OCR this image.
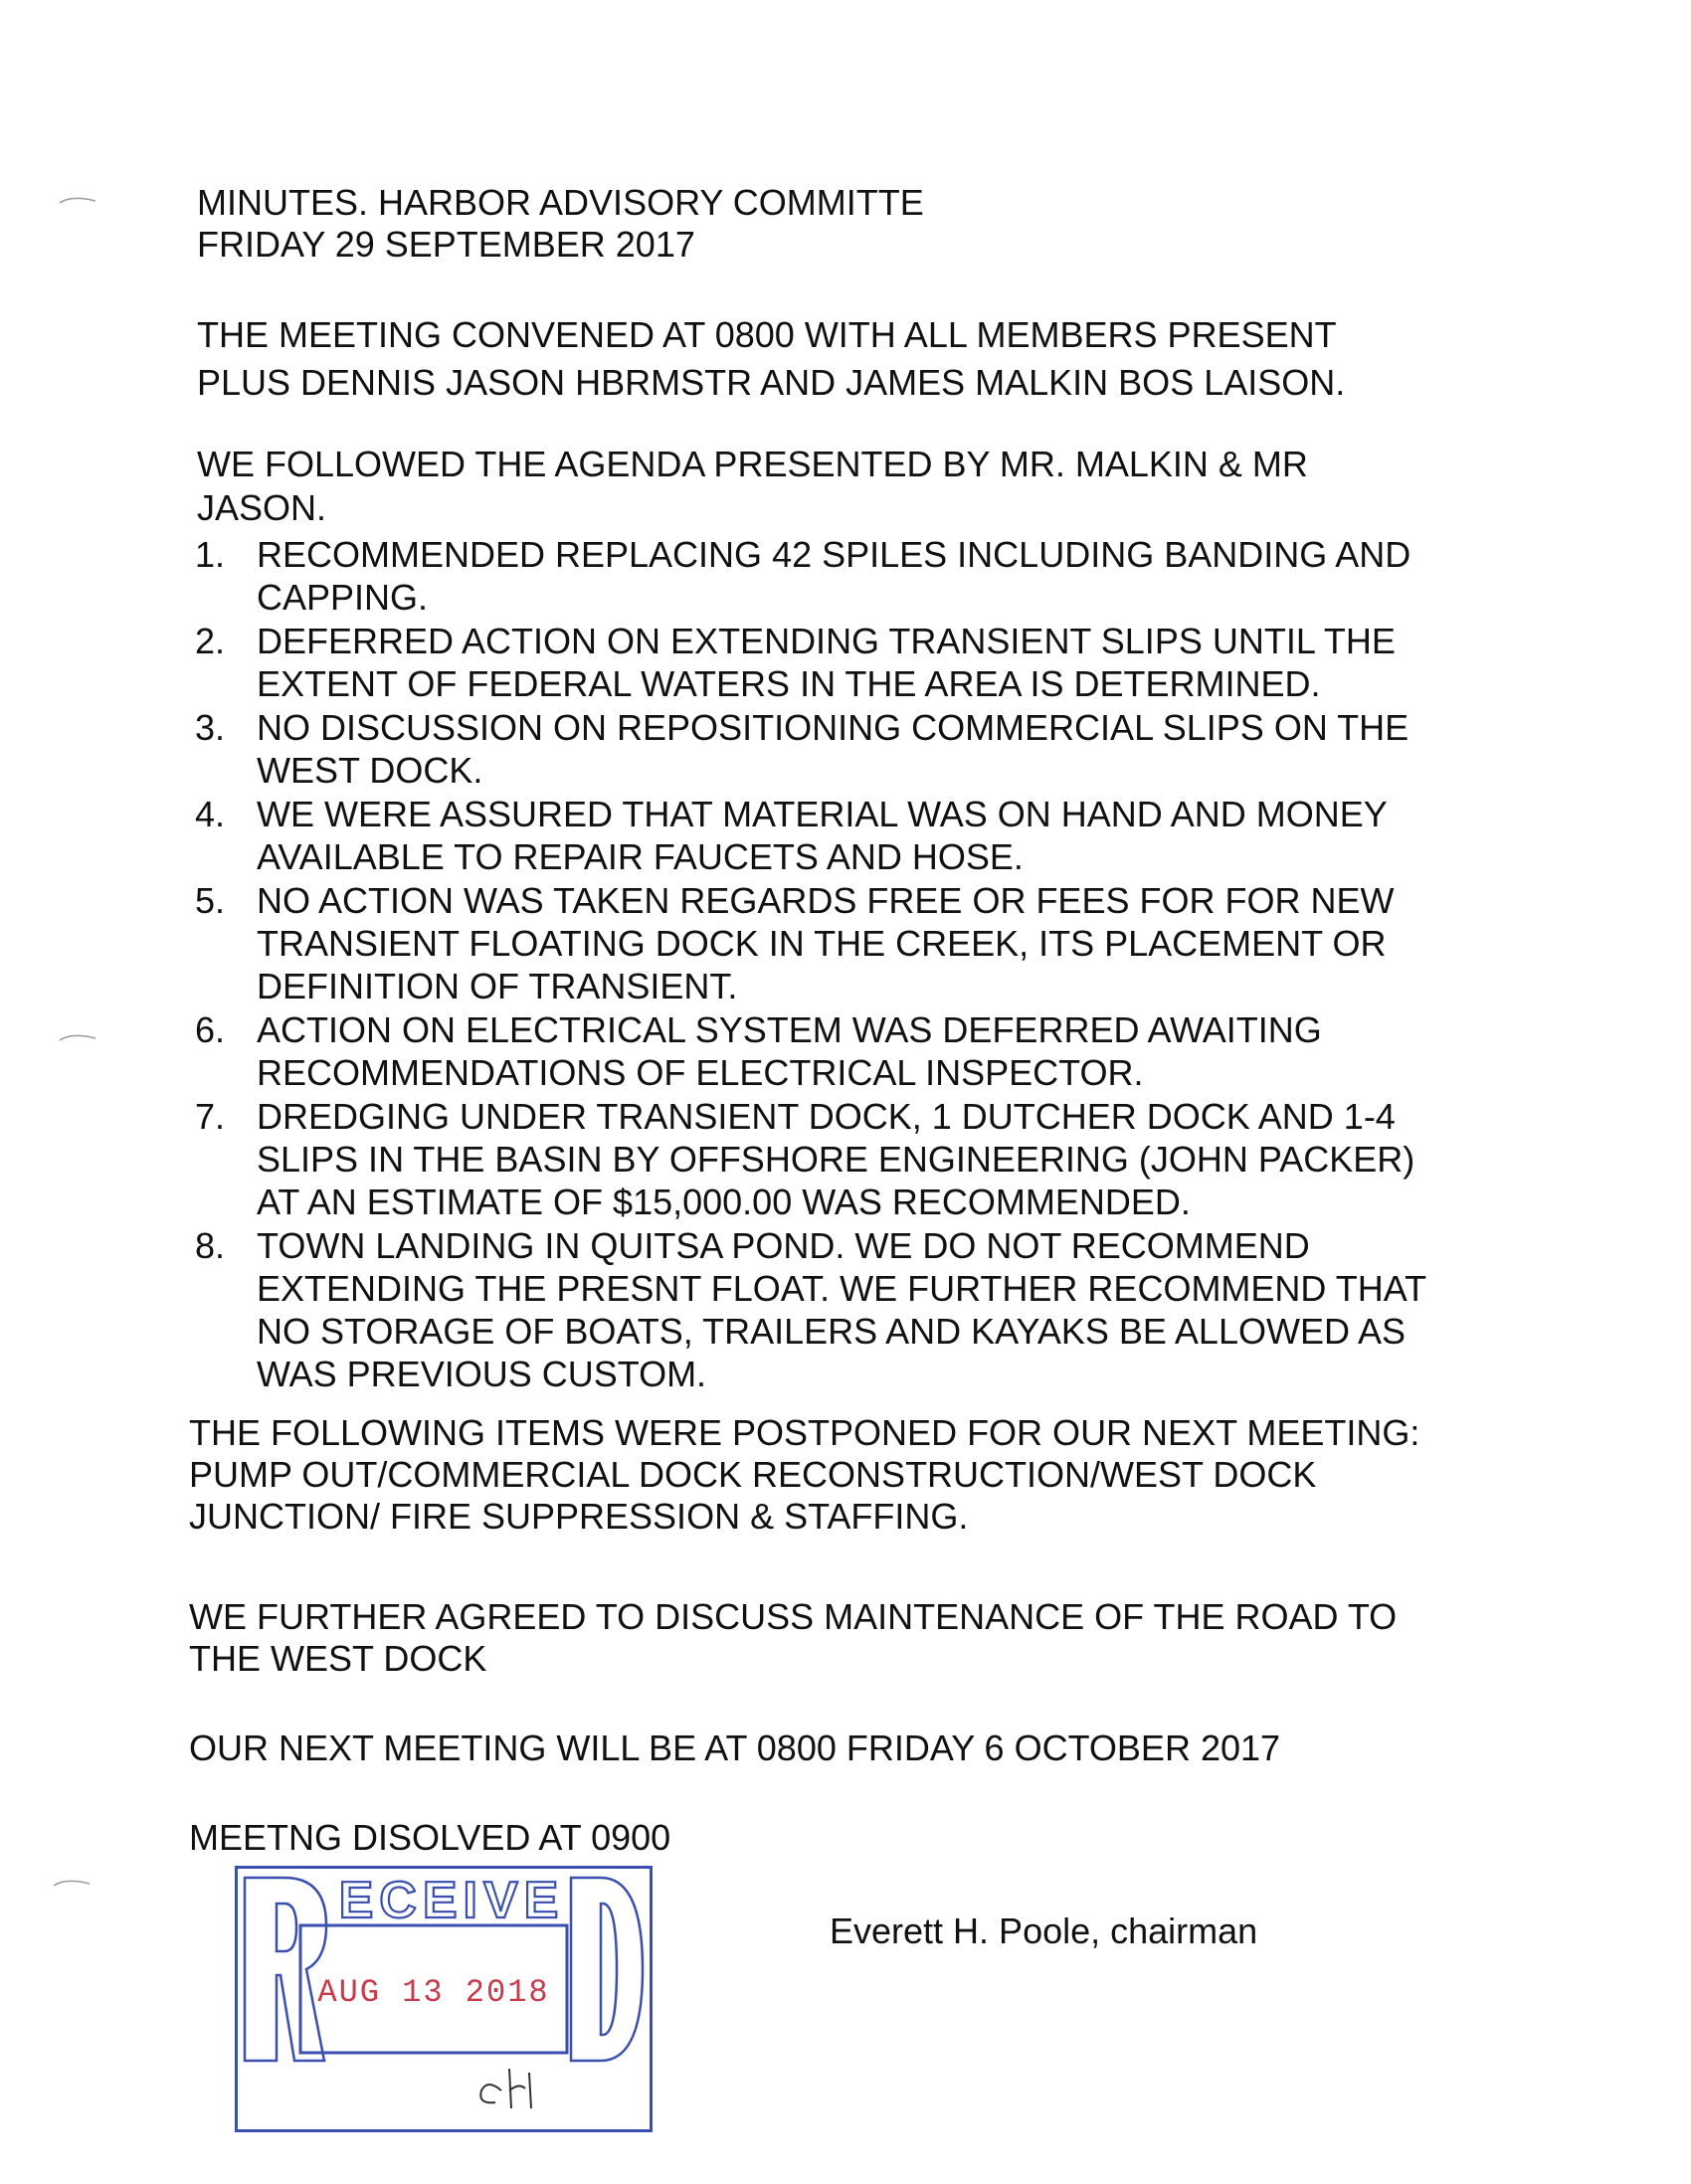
MINUTES. HARBOR ADVISORY COMMITTE
FRIDAY 29 SEPTEMBER 2017
THE MEETING CONVENED AT 0800 WITH ALL MEMBERS PRESENT
PLUS DENNIS JASON HBRMSTR AND JAMES MALKIN BOS LAISON.
WE FOLLOWED THE AGENDA PRESENTED BY MR. MALKIN & MR
JASON.
1. RECOMMENDED REPLACING 42 SPILES INCLUDING BANDING AND
CAPPING.
2. DEFERRED ACTION ON EXTENDING TRANSIENT SLIPS UNTIL THE
EXTENT OF FEDERAL WATERS IN THE AREA IS DETERMINED.
3. NO DISCUSSION ON REPOSITIONING COMMERCIAL SLIPS ON THE
WEST DOCK.
4. WE WERE ASSURED THAT MATERIAL WAS ON HAND AND MONEY
AVAILABLE TO REPAIR FAUCETS AND HOSE.
5. NO ACTION WAS TAKEN REGARDS FREE OR FEES FOR FOR NEW
TRANSIENT FLOATING DOCK IN THE CREEK, ITS PLACEMENT OR
DEFINITION OF TRANSIENT.
6. ACTION ON ELECTRICAL SYSTEM WAS DEFERRED AWAITING
RECOMMENDATIONS OF ELECTRICAL INSPECTOR.
7. DREDGING UNDER TRANSIENT DOCK, 1 DUTCHER DOCK AND 1-4
SLIPS IN THE BASIN BY OFFSHORE ENGINEERING (JOHN PACKER)
AT AN ESTIMATE OF $15,000.00 WAS RECOMMENDED.
8. TOWN LANDING IN QUITSA POND. WE DO NOT RECOMMEND
EXTENDING THE PRESNT FLOAT. WE FURTHER RECOMMEND THAT
NO STORAGE OF BOATS, TRAILERS AND KAYAKS BE ALLOWED AS
WAS PREVIOUS CUSTOM.
THE FOLLOWING ITEMS WERE POSTPONED FOR OUR NEXT MEETING:
PUMP OUT/COMMERCIAL DOCK RECONSTRUCTION/WEST DOCK
JUNCTION/ FIRE SUPPRESSION & STAFFING.
WE FURTHER AGREED TO DISCUSS MAINTENANCE OF THE ROAD TO
THE WEST DOCK
OUR NEXT MEETING WILL BE AT 0800 FRIDAY 6 OCTOBER 2017
MEETNG DISOLVED AT 0900
Everett H. Poole, chairman
ECEIVE
AUG 13 2018
